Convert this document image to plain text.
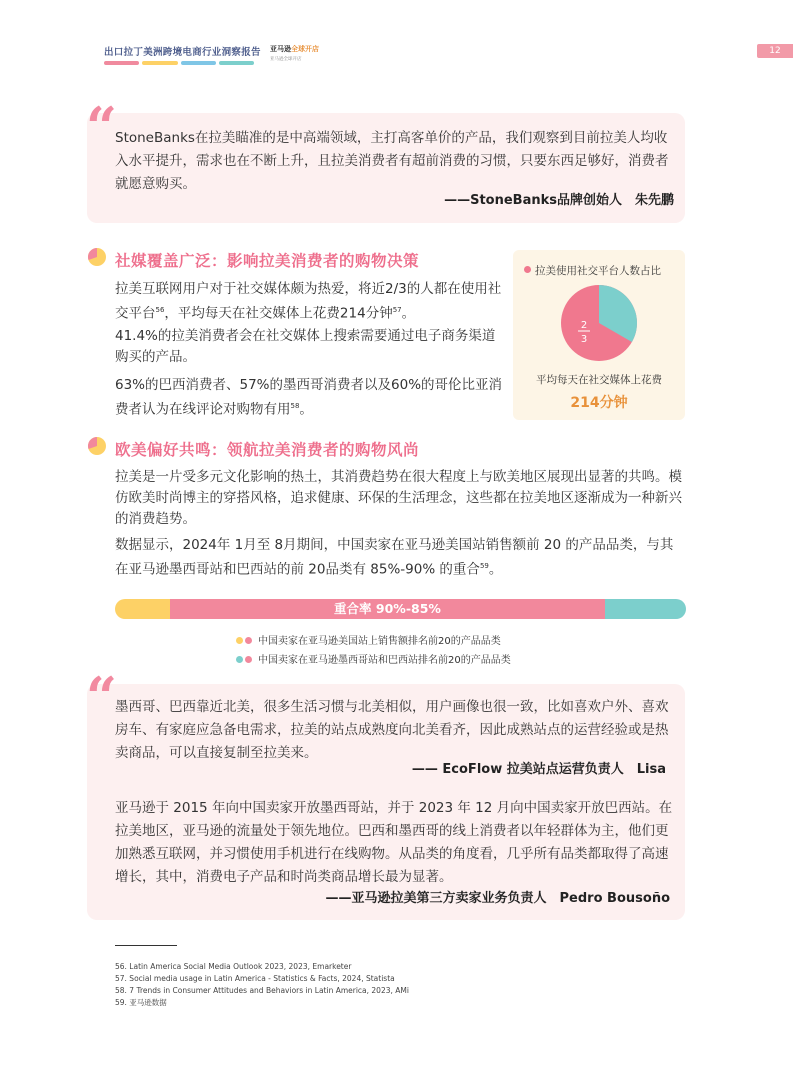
出口拉丁美洲跨境电商行业洞察报告 亚马逊全球开店
亚马逊全球开店
12
“
StoneBanks在拉美瞄准的是中高端领域，主打高客单价的产品，我们观察到目前拉美人均收入水平提升，需求也在不断上升，且拉美消费者有超前消费的习惯，只要东西足够好，消费者就愿意购买。
——StoneBanks品牌创始人　朱先鹏
社媒覆盖广泛：影响拉美消费者的购物决策
拉美互联网用户对于社交媒体颇为热爱，将近2/3的人都在使用社交平台$^{56}$，平均每天在社交媒体上花费214分钟$^{57}$。
41.4%的拉美消费者会在社交媒体上搜索需要通过电子商务渠道购买的产品。
63%的巴西消费者、57%的墨西哥消费者以及60%的哥伦比亚消费者认为在线评论对购物有用$^{58}$。
拉美使用社交平台人数占比
2
3
平均每天在社交媒体上花费
214分钟
欧美偏好共鸣：领航拉美消费者的购物风尚
拉美是一片受多元文化影响的热土，其消费趋势在很大程度上与欧美地区展现出显著的共鸣。模仿欧美时尚博主的穿搭风格，追求健康、环保的生活理念，这些都在拉美地区逐渐成为一种新兴的消费趋势。
数据显示，2024年 1月至 8月期间，中国卖家在亚马逊美国站销售额前 20 的产品品类，与其在亚马逊墨西哥站和巴西站的前 20品类有 85%-90% 的重合$^{59}$。
重合率 90%-85%
中国卖家在亚马逊美国站上销售额排名前20的产品品类
中国卖家在亚马逊墨西哥站和巴西站排名前20的产品品类
“
墨西哥、巴西靠近北美，很多生活习惯与北美相似，用户画像也很一致，比如喜欢户外、喜欢房车、有家庭应急备电需求，拉美的站点成熟度向北美看齐，因此成熟站点的运营经验或是热卖商品，可以直接复制至拉美来。
—— EcoFlow 拉美站点运营负责人　Lisa
亚马逊于 2015 年向中国卖家开放墨西哥站，并于 2023 年 12 月向中国卖家开放巴西站。在拉美地区，亚马逊的流量处于领先地位。巴西和墨西哥的线上消费者以年轻群体为主，他们更加熟悉互联网，并习惯使用手机进行在线购物。从品类的角度看，几乎所有品类都取得了高速增长，其中，消费电子产品和时尚类商品增长最为显著。
——亚马逊拉美第三方卖家业务负责人　Pedro Bousoño
56. Latin America Social Media Outlook 2023, 2023, Emarketer
57. Social media usage in Latin America - Statistics & Facts, 2024, Statista
58. 7 Trends in Consumer Attitudes and Behaviors in Latin America, 2023, AMi
59. 亚马逊数据
